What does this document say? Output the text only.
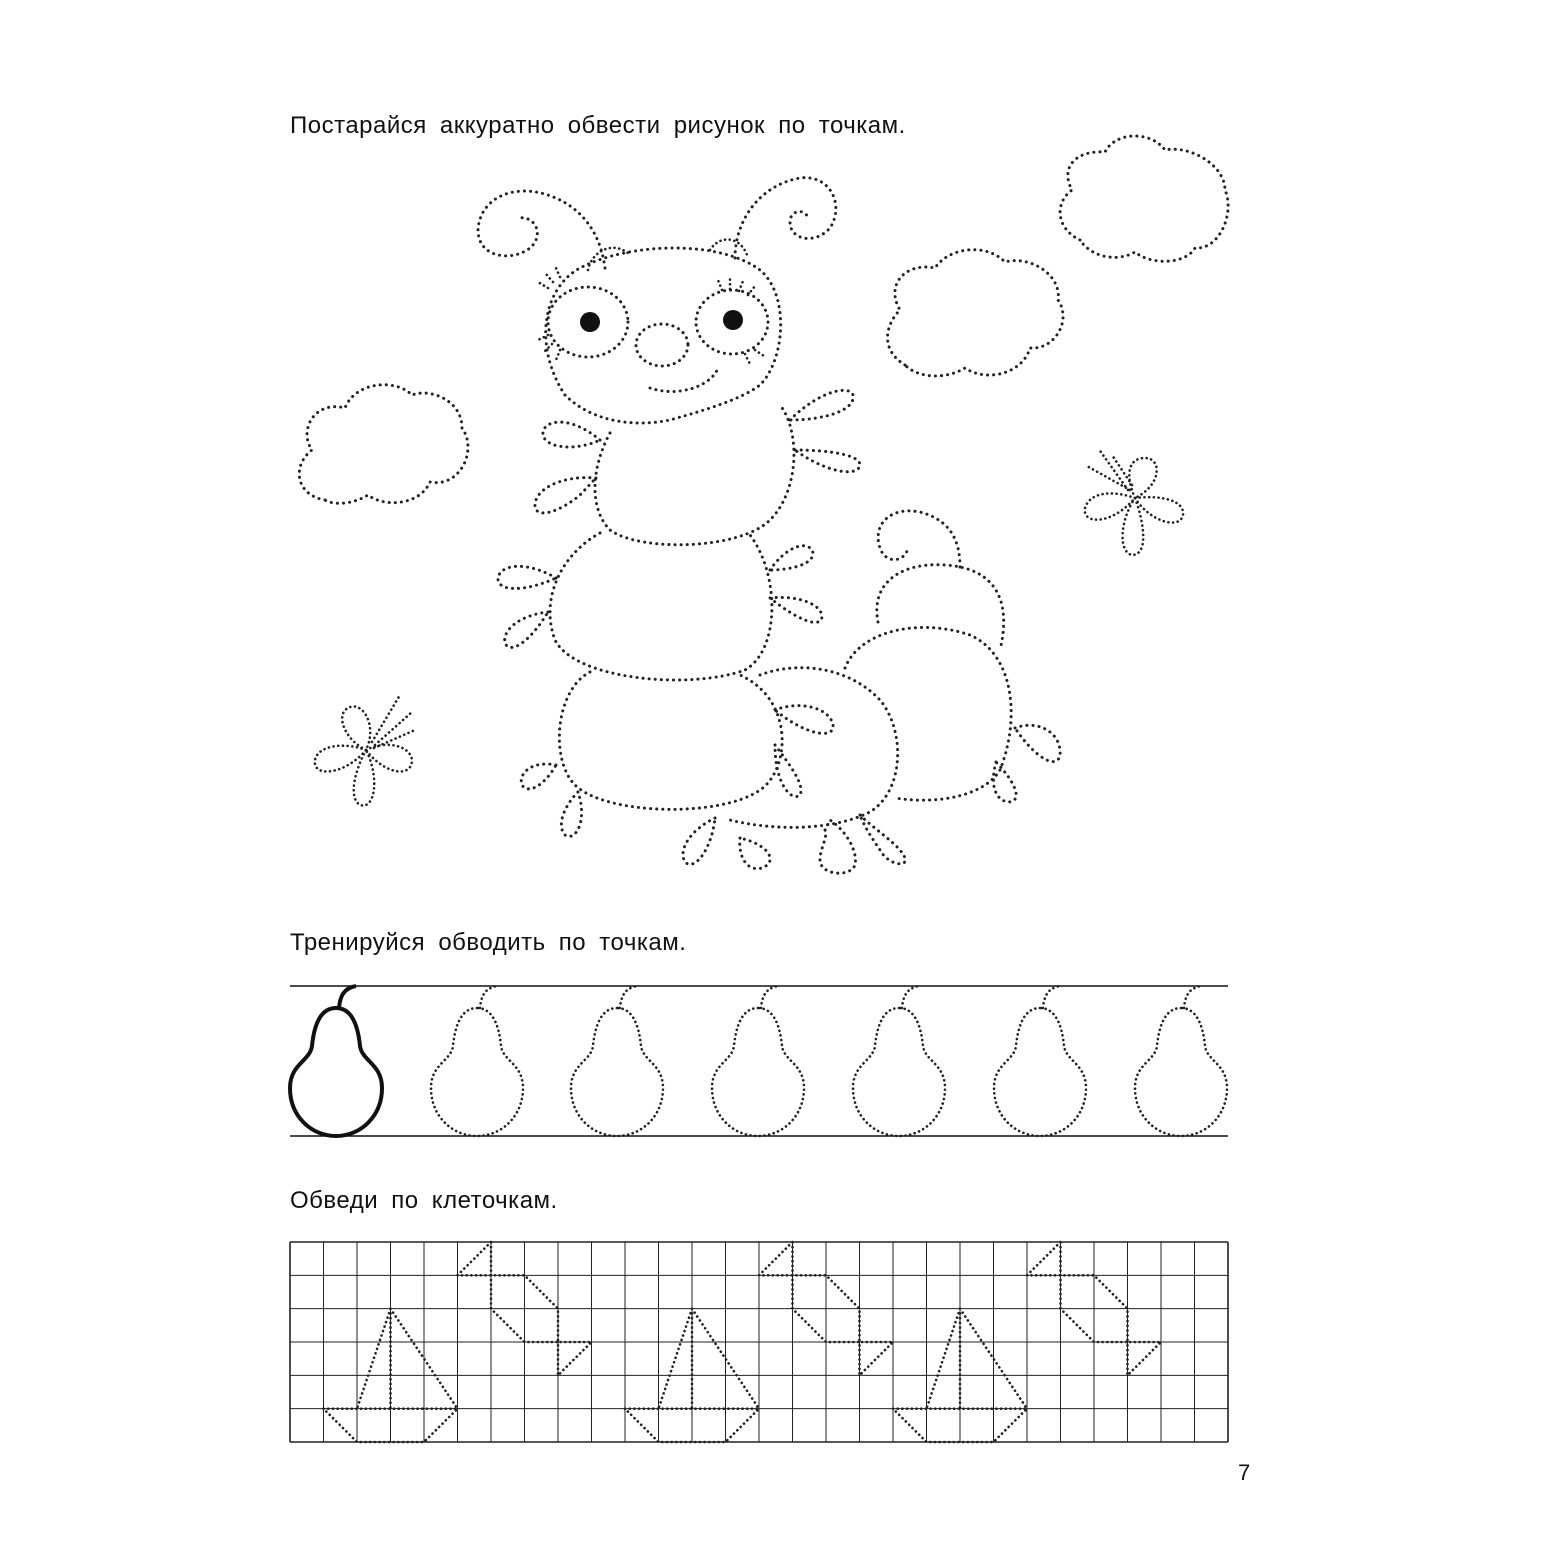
Постарайся аккуратно обвести рисунок по точкам.
Тренируйся обводить по точкам.
Обведи по клеточкам.
7
